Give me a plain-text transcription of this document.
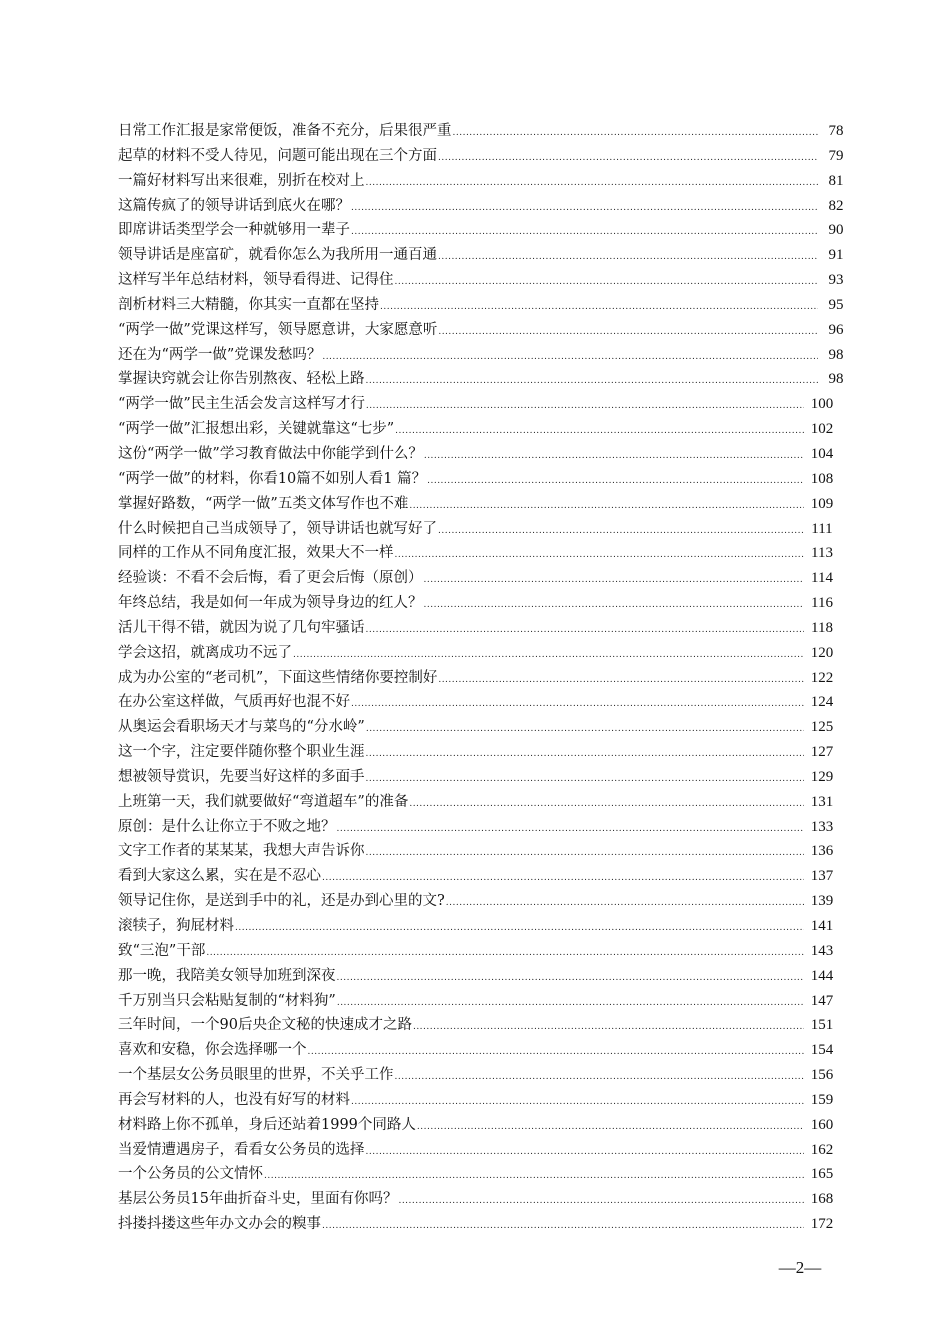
日常工作汇报是家常便饭，准备不充分，后果很严重 .....	78
起草的材料不受人待见，问题可能出现在三个方面 .....	79
一篇好材料写出来很难，别折在校对上 .....	81
这篇传疯了的领导讲话到底火在哪？ .....	82
即席讲话类型学会一种就够用一辈子 .....	90
领导讲话是座富矿，就看你怎么为我所用一通百通 .....	91
这样写半年总结材料，领导看得进、记得住 .....	93
剖析材料三大精髓，你其实一直都在坚持 .....	95
“两学一做”党课这样写，领导愿意讲，大家愿意听 .....	96
还在为“两学一做”党课发愁吗？ .....	98
掌握诀窍就会让你告别熬夜、轻松上路 .....	98
“两学一做”民主生活会发言这样写才行 .....	100
“两学一做”汇报想出彩，关键就靠这“七步” .....	102
这份“两学一做”学习教育做法中你能学到什么？ .....	104
“两学一做”的材料，你看10篇不如别人看1 篇？ .....	108
掌握好路数，“两学一做”五类文体写作也不难 .....	109
什么时候把自己当成领导了，领导讲话也就写好了 .....	111
同样的工作从不同角度汇报，效果大不一样 .....	113
经验谈：不看不会后悔，看了更会后悔（原创） .....	114
年终总结，我是如何一年成为领导身边的红人？ .....	116
活儿干得不错，就因为说了几句牢骚话 .....	118
学会这招，就离成功不远了 .....	120
成为办公室的“老司机”，下面这些情绪你要控制好 .....	122
在办公室这样做，气质再好也混不好 .....	124
从奥运会看职场天才与菜鸟的“分水岭” .....	125
这一个字，注定要伴随你整个职业生涯 .....	127
想被领导赏识，先要当好这样的多面手 .....	129
上班第一天，我们就要做好“弯道超车”的准备 .....	131
原创：是什么让你立于不败之地？ .....	133
文字工作者的某某某，我想大声告诉你 .....	136
看到大家这么累，实在是不忍心 .....	137
领导记住你，是送到手中的礼，还是办到心里的文? .....	139
滚犊子，狗屁材料 .....	141
致“三泡”干部 .....	143
那一晚，我陪美女领导加班到深夜 .....	144
千万别当只会粘贴复制的“材料狗” .....	147
三年时间，一个90后央企文秘的快速成才之路 .....	151
喜欢和安稳，你会选择哪一个 .....	154
一个基层女公务员眼里的世界，不关乎工作 .....	156
再会写材料的人，也没有好写的材料 .....	159
材料路上你不孤单，身后还站着1999个同路人 .....	160
当爱情遭遇房子，看看女公务员的选择 .....	162
一个公务员的公文情怀 .....	165
基层公务员15年曲折奋斗史，里面有你吗？ .....	168
抖搂抖搂这些年办文办会的糗事 .....	172
—2—
